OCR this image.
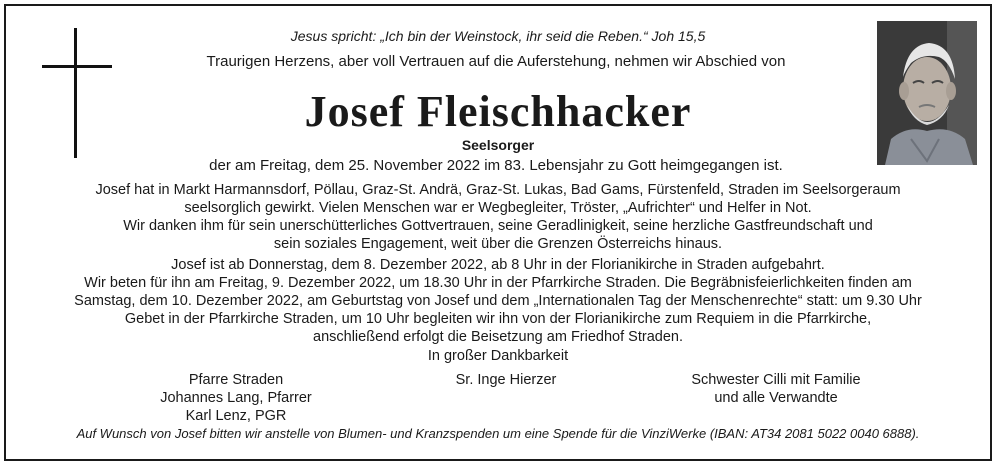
Jesus spricht: „Ich bin der Weinstock, ihr seid die Reben.“ Joh 15,5
Traurigen Herzens, aber voll Vertrauen auf die Auferstehung, nehmen wir Abschied von
Josef Fleischhacker
Seelsorger
der am Freitag, dem 25. November 2022 im 83. Lebensjahr zu Gott heimgegangen ist.
Josef hat in Markt Harmannsdorf, Pöllau, Graz-St. Andrä, Graz-St. Lukas, Bad Gams, Fürstenfeld, Straden im Seelsorgeraum
seelsorglich gewirkt. Vielen Menschen war er Wegbegleiter, Tröster, „Aufrichter“ und Helfer in Not.
Wir danken ihm für sein unerschütterliches Gottvertrauen, seine Geradlinigkeit, seine herzliche Gastfreundschaft und
sein soziales Engagement, weit über die Grenzen Österreichs hinaus.
Josef ist ab Donnerstag, dem 8. Dezember 2022, ab 8 Uhr in der Florianikirche in Straden aufgebahrt.
Wir beten für ihn am Freitag, 9. Dezember 2022, um 18.30 Uhr in der Pfarrkirche Straden. Die Begräbnisfeierlichkeiten finden am
Samstag, dem 10. Dezember 2022, am Geburtstag von Josef und dem „Internationalen Tag der Menschenrechte“ statt: um 9.30 Uhr
Gebet in der Pfarrkirche Straden, um 10 Uhr begleiten wir ihn von der Florianikirche zum Requiem in die Pfarrkirche,
anschließend erfolgt die Beisetzung am Friedhof Straden.
In großer Dankbarkeit
Pfarre Straden
Johannes Lang, Pfarrer
Karl Lenz, PGR
Sr. Inge Hierzer	Schwester Cilli mit Familie
und alle Verwandte
Auf Wunsch von Josef bitten wir anstelle von Blumen- und Kranzspenden um eine Spende für die VinziWerke (IBAN: AT34 2081 5022 0040 6888).
